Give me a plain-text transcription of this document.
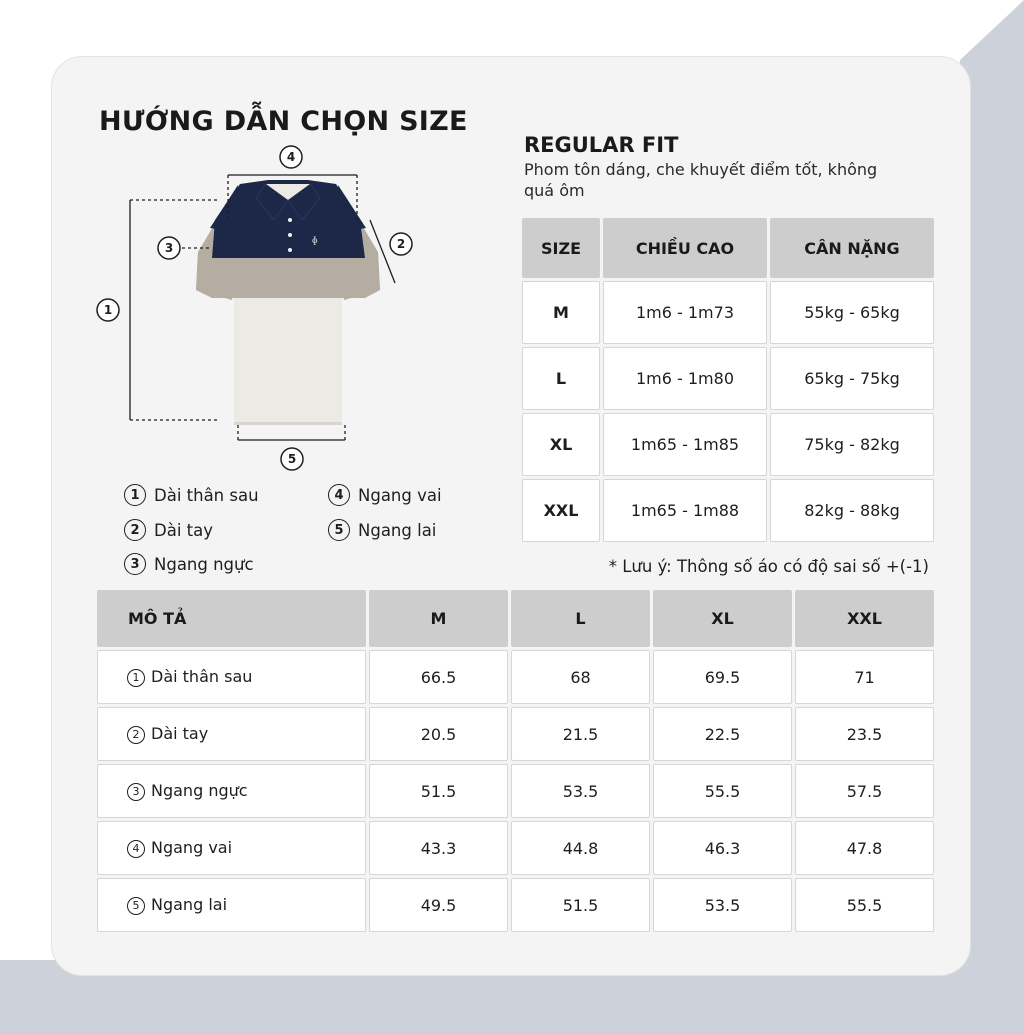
HƯỚNG DẪN CHỌN SIZE
REGULAR FIT
Phom tôn dáng, che khuyết điểm tốt, không quá ôm
ɸ
4
2
3
1
5
1 Dài thân sau
2 Dài tay
3 Ngang ngực
4 Ngang vai
5 Ngang lai
SIZE	CHIỀU CAO	CÂN NẶNG
M	1m6 - 1m73	55kg - 65kg
L	1m6 - 1m80	65kg - 75kg
XL	1m65 - 1m85	75kg - 82kg
XXL	1m65 - 1m88	82kg - 88kg
* Lưu ý: Thông số áo có độ sai số +(-1)
MÔ TẢ	M	L	XL	XXL
1 Dài thân sau	66.5	68	69.5	71
2 Dài tay	20.5	21.5	22.5	23.5
3 Ngang ngực	51.5	53.5	55.5	57.5
4 Ngang vai	43.3	44.8	46.3	47.8
5 Ngang lai	49.5	51.5	53.5	55.5
